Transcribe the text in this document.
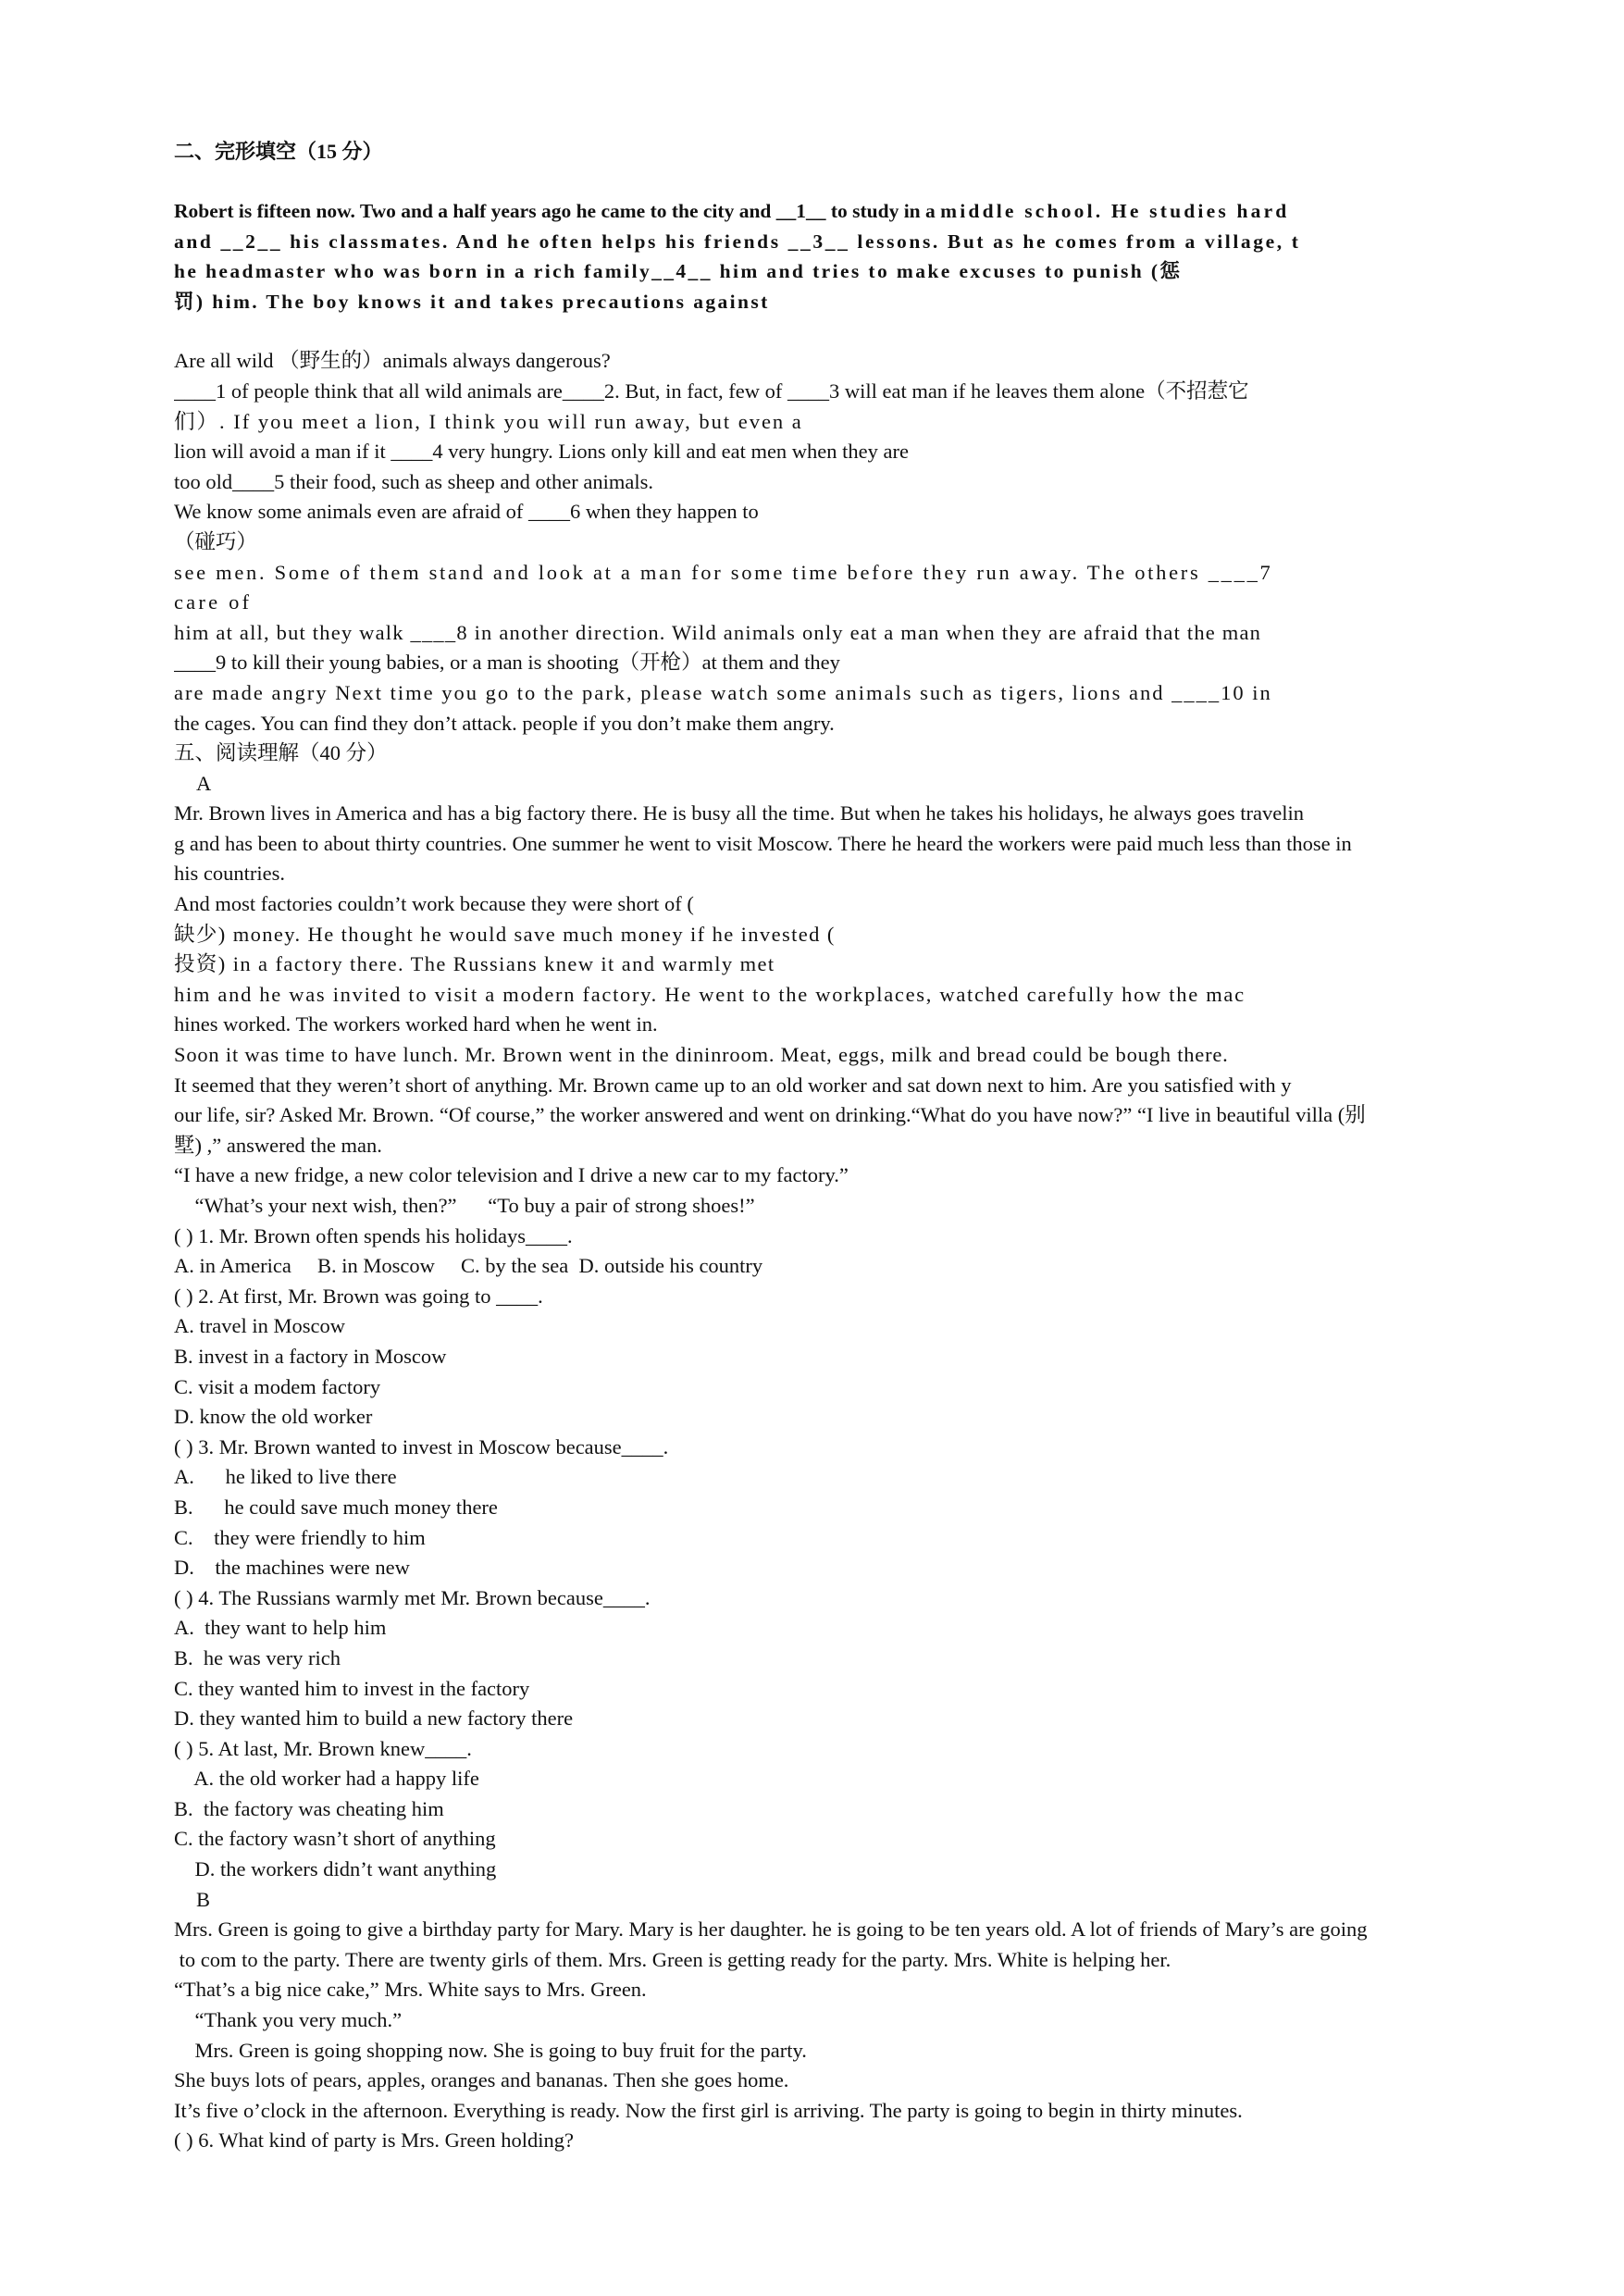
二、完形填空（15 分）
Robert is fifteen now. Two and a half years ago he came to the city and __1__ to study in a middle school. He studies hard
and __2__ his classmates. And he often helps his friends __3__ lessons. But as he comes from a village, t
he headmaster who was born in a rich family__4__ him and tries to make excuses to punish (惩
罚) him. The boy knows it and takes precautions against
Are all wild （野生的）animals always dangerous?
____1 of people think that all wild animals are____2. But, in fact, few of ____3 will eat man if he leaves them alone（不招惹它
们）. If you meet a lion, I think you will run away, but even a
lion will avoid a man if it ____4 very hungry. Lions only kill and eat men when they are
too old____5 their food, such as sheep and other animals.
We know some animals even are afraid of ____6 when they happen to
（碰巧）
see men. Some of them stand and look at a man for some time before they run away. The others ____7
care of
him at all, but they walk ____8 in another direction. Wild animals only eat a man when they are afraid that the man
____9 to kill their young babies, or a man is shooting（开枪）at them and they
are made angry Next time you go to the park, please watch some animals such as tigers, lions and ____10 in
the cages. You can find they don’t attack. people if you don’t make them angry.
五、阅读理解（40 分）
A
Mr. Brown lives in America and has a big factory there. He is busy all the time. But when he takes his holidays, he always goes travelin
g and has been to about thirty countries. One summer he went to visit Moscow. There he heard the workers were paid much less than those in
his countries.
And most factories couldn’t work because they were short of (
缺少) money. He thought he would save much money if he invested (
投资) in a factory there. The Russians knew it and warmly met
him and he was invited to visit a modern factory. He went to the workplaces, watched carefully how the mac
hines worked. The workers worked hard when he went in.
Soon it was time to have lunch. Mr. Brown went in the dininroom. Meat, eggs, milk and bread could be bough there.
It seemed that they weren’t short of anything. Mr. Brown came up to an old worker and sat down next to him. Are you satisfied with y
our life, sir? Asked Mr. Brown. “Of course,” the worker answered and went on drinking.“What do you have now?” “I live in beautiful villa (别
墅) ,” answered the man.
“I have a new fridge, a new color television and I drive a new car to my factory.”
“What’s your next wish, then?”      “To buy a pair of strong shoes!”
( ) 1. Mr. Brown often spends his holidays____.
A. in America     B. in Moscow     C. by the sea  D. outside his country
( ) 2. At first, Mr. Brown was going to ____.
A. travel in Moscow
B. invest in a factory in Moscow
C. visit a modem factory
D. know the old worker
( ) 3. Mr. Brown wanted to invest in Moscow because____.
A.      he liked to live there
B.      he could save much money there
C.    they were friendly to him
D.    the machines were new
( ) 4. The Russians warmly met Mr. Brown because____.
A.  they want to help him
B.  he was very rich
C. they wanted him to invest in the factory
D. they wanted him to build a new factory there
( ) 5. At last, Mr. Brown knew____.
A. the old worker had a happy life
B.  the factory was cheating him
C. the factory wasn’t short of anything
D. the workers didn’t want anything
B
Mrs. Green is going to give a birthday party for Mary. Mary is her daughter. he is going to be ten years old. A lot of friends of Mary’s are going
to com to the party. There are twenty girls of them. Mrs. Green is getting ready for the party. Mrs. White is helping her.
“That’s a big nice cake,” Mrs. White says to Mrs. Green.
“Thank you very much.”
Mrs. Green is going shopping now. She is going to buy fruit for the party.
She buys lots of pears, apples, oranges and bananas. Then she goes home.
It’s five o’clock in the afternoon. Everything is ready. Now the first girl is arriving. The party is going to begin in thirty minutes.
( ) 6. What kind of party is Mrs. Green holding?
